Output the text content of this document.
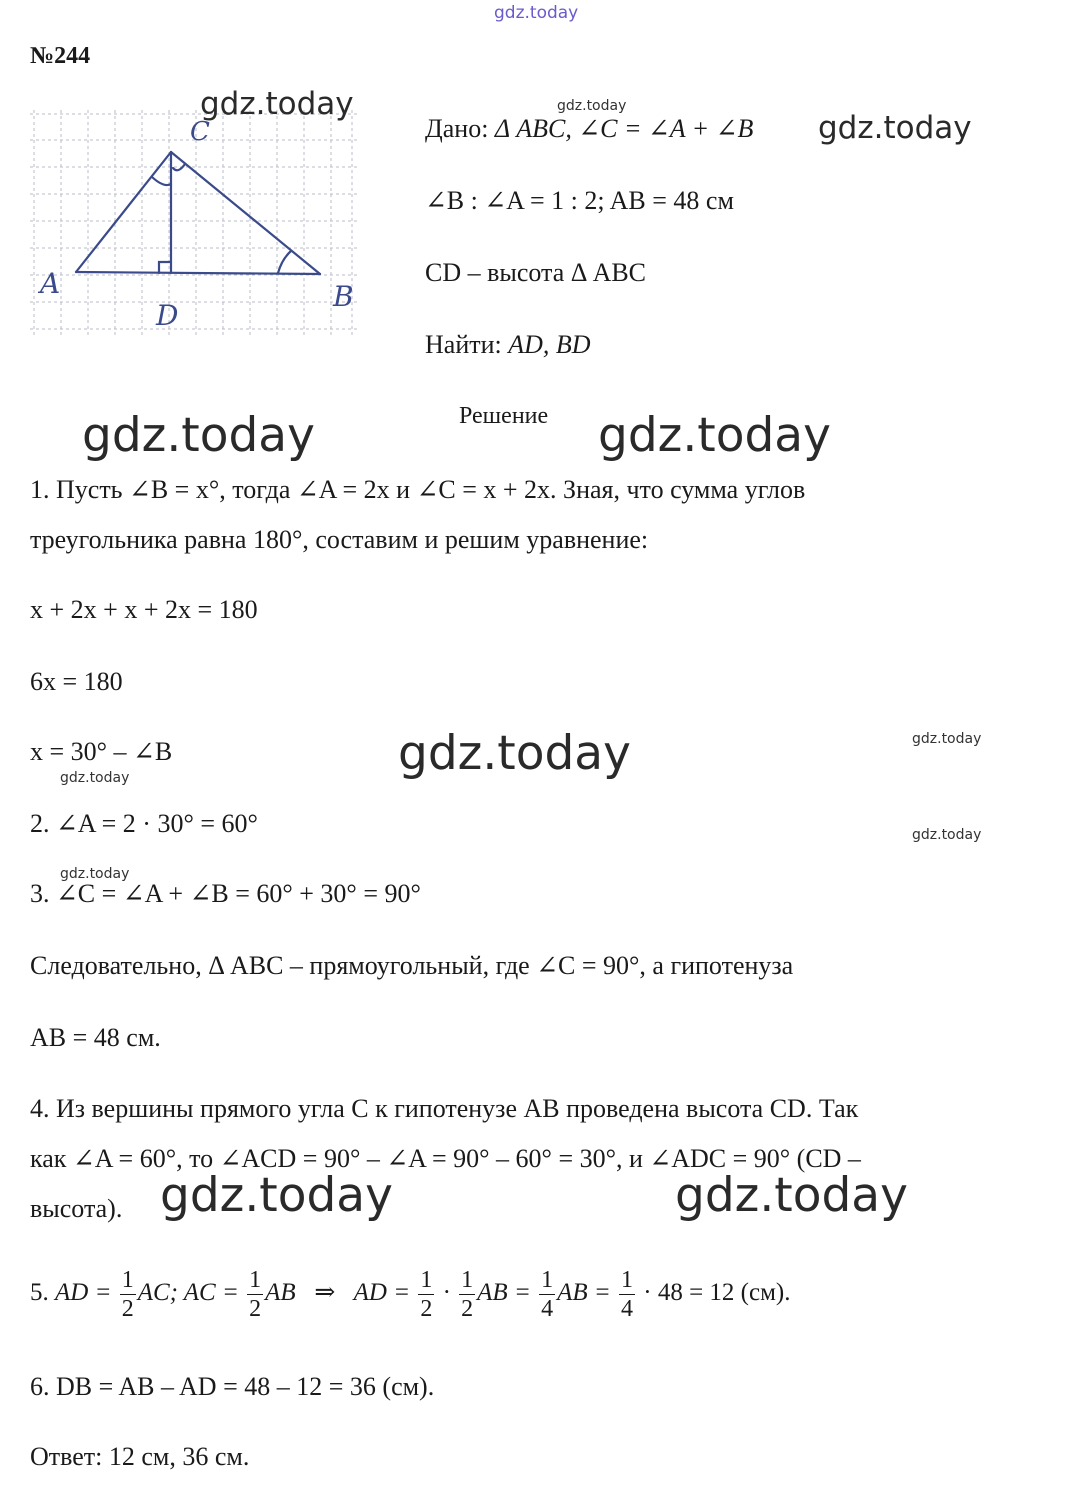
gdz.today
№244
A	B
C
D
gdz.today	gdz.today
Дано: Δ ABC, ∠C = ∠A + ∠B gdz.today
∠B : ∠A = 1 : 2; AB = 48 см
CD – высота Δ ABC
Найти: AD, BD
Решение
gdz.today	gdz.today
1. Пусть ∠B = x°, тогда ∠A = 2x и ∠C = x + 2x. Зная, что сумма углов
треугольника равна 180°, составим и решим уравнение:
x + 2x + x + 2x = 180
6x = 180
x = 30° – ∠B	gdz.today	gdz.today
gdz.today
gdz.today
gdz.today
2. ∠A = 2 · 30° = 60°
3. ∠C = ∠A + ∠B = 60° + 30° = 90°
Следовательно, Δ ABC – прямоугольный, где ∠C = 90°, а гипотенуза
AB = 48 см.
4. Из вершины прямого угла C к гипотенузе AB проведена высота CD. Так
как ∠A = 60°, то ∠ACD = 90° – ∠A = 90° – 60° = 30°, и ∠ADC = 90° (CD –
высота). gdz.today	gdz.today
5. AD = $\frac{1}{2}$ AC; AC = $\frac{1}{2}$ AB   ⇒   AD = $\frac{1}{2} \cdot \frac{1}{2}$ AB = $\frac{1}{4}$ AB = $\frac{1}{4} \cdot 48 = 12$ (см).
6. DB = AB – AD = 48 – 12 = 36 (см).
Ответ: 12 см, 36 см.
